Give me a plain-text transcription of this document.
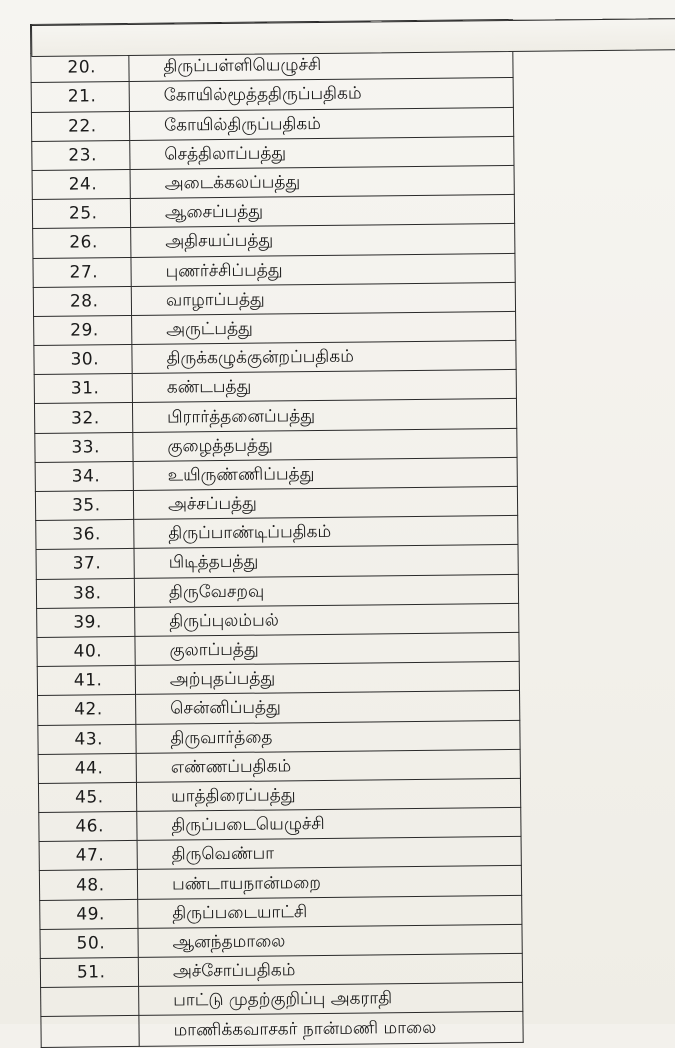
20.	திருப்பள்ளியெழுச்சி	

21.	கோயில்மூத்ததிருப்பதிகம்	

22.	கோயில்திருப்பதிகம்	

23.	செத்திலாப்பத்து	

24.	அடைக்கலப்பத்து	

25.	ஆசைப்பத்து	

26.	அதிசயப்பத்து	

27.	புணர்ச்சிப்பத்து	

28.	வாழாப்பத்து	

29.	அருட்பத்து	

30.	திருக்கழுக்குன்றப்பதிகம்	

31.	கண்டபத்து	

32.	பிரார்த்தனைப்பத்து	

33.	குழைத்தபத்து	

34.	உயிருண்ணிப்பத்து	

35.	அச்சப்பத்து	

36.	திருப்பாண்டிப்பதிகம்	

37.	பிடித்தபத்து	

38.	திருவேசறவு	

39.	திருப்புலம்பல்	

40.	குலாப்பத்து	

41.	அற்புதப்பத்து	

42.	சென்னிப்பத்து	

43.	திருவார்த்தை	

44.	எண்ணப்பதிகம்	

45.	யாத்திரைப்பத்து	

46.	திருப்படையெழுச்சி	

47.	திருவெண்பா	

48.	பண்டாயநான்மறை	

49.	திருப்படையாட்சி	

50.	ஆனந்தமாலை	

51.	அச்சோப்பதிகம்	

	பாட்டு முதற்குறிப்பு அகராதி	

	மாணிக்கவாசகர் நான்மணி மாலை	
